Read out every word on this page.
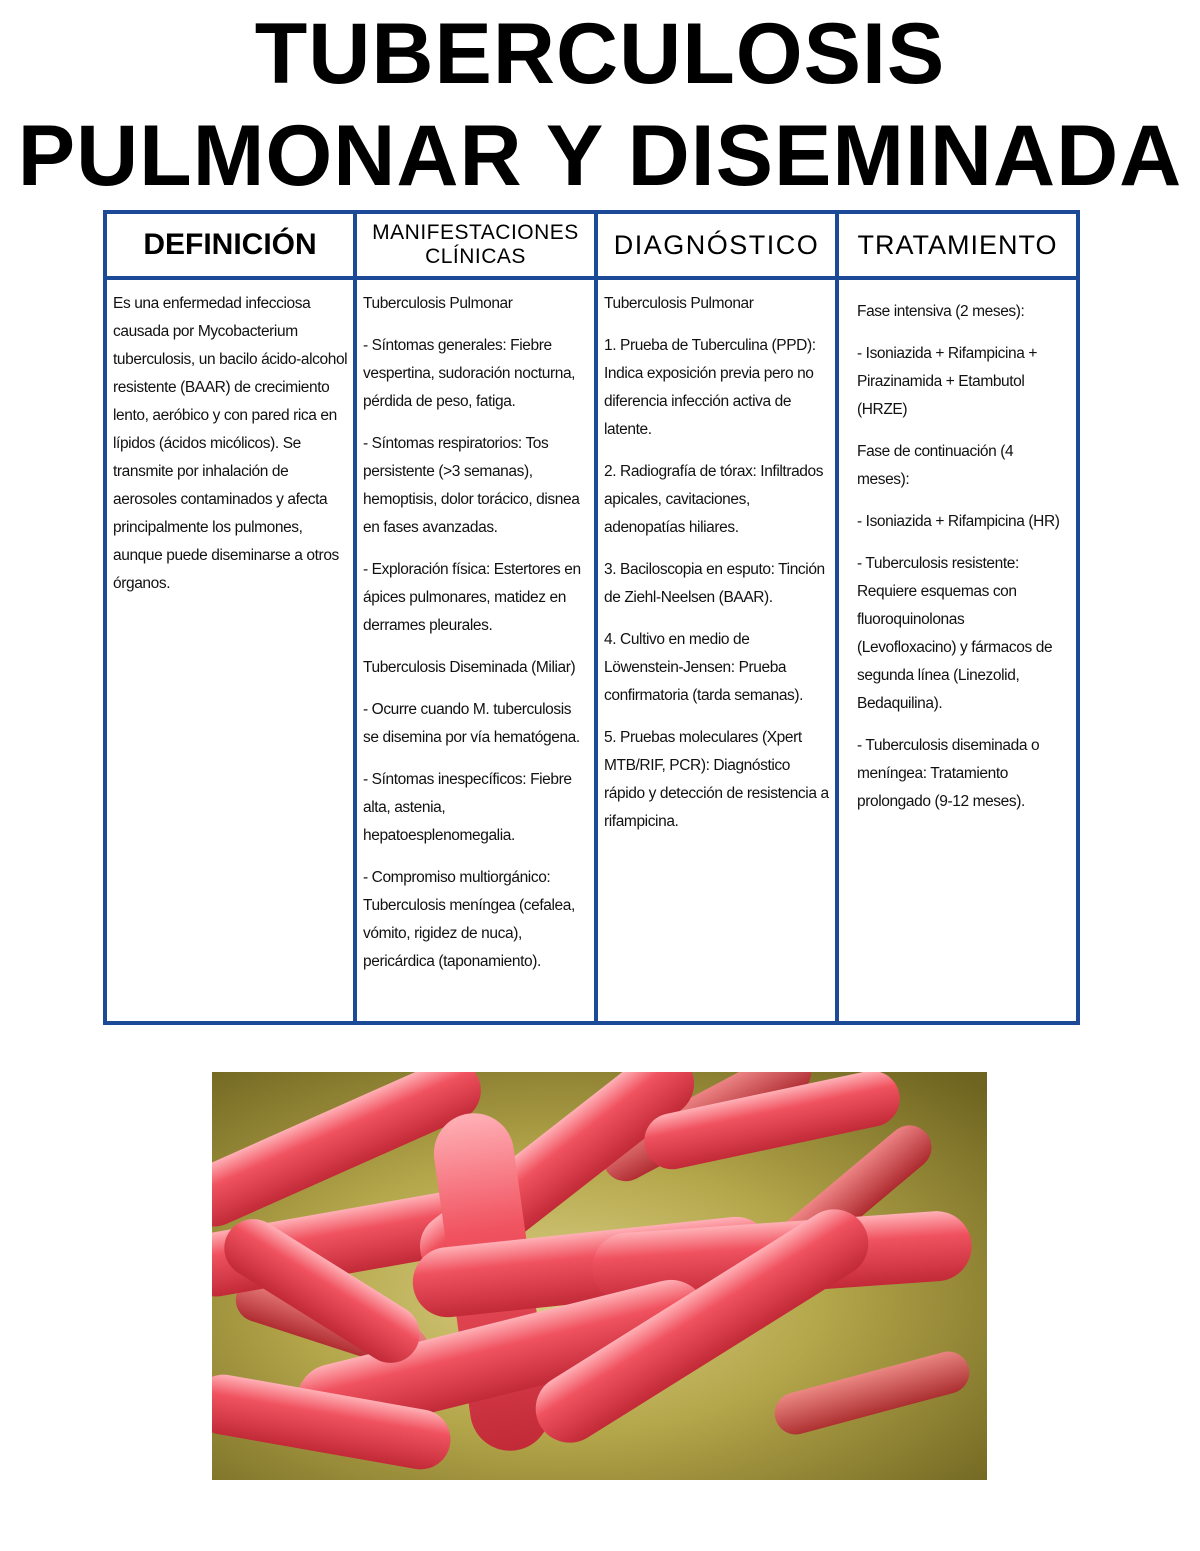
TUBERCULOSIS
PULMONAR Y DISEMINADA
DEFINICIÓN

Es una enfermedad infecciosa causada por Mycobacterium tuberculosis, un bacilo ácido-alcohol resistente (BAAR) de crecimiento lento, aeróbico y con pared rica en lípidos (ácidos micólicos). Se transmite por inhalación de aerosoles contaminados y afecta principalmente los pulmones, aunque puede diseminarse a otros órganos.

MANIFESTACIONES
CLÍNICAS

Tuberculosis Pulmonar

- Síntomas generales: Fiebre vespertina, sudoración nocturna, pérdida de peso, fatiga.

- Síntomas respiratorios: Tos persistente (>3 semanas), hemoptisis, dolor torácico, disnea en fases avanzadas.

- Exploración física: Estertores en ápices pulmonares, matidez en derrames pleurales.

Tuberculosis Diseminada (Miliar)

- Ocurre cuando M. tuberculosis se disemina por vía hematógena.

- Síntomas inespecíficos: Fiebre alta, astenia, hepatoesplenomegalia.

- Compromiso multiorgánico: Tuberculosis meníngea (cefalea, vómito, rigidez de nuca), pericárdica (taponamiento).

DIAGNÓSTICO

Tuberculosis Pulmonar

1. Prueba de Tuberculina (PPD): Indica exposición previa pero no diferencia infección activa de latente.

2. Radiografía de tórax: Infiltrados apicales, cavitaciones, adenopatías hiliares.

3. Baciloscopia en esputo: Tinción de Ziehl-Neelsen (BAAR).

4. Cultivo en medio de Löwenstein-Jensen: Prueba confirmatoria (tarda semanas).

5. Pruebas moleculares (Xpert MTB/RIF, PCR): Diagnóstico rápido y detección de resistencia a rifampicina.

TRATAMIENTO

Fase intensiva (2 meses):

- Isoniazida + Rifampicina + Pirazinamida + Etambutol (HRZE)

Fase de continuación (4 meses):

- Isoniazida + Rifampicina (HR)

- Tuberculosis resistente: Requiere esquemas con fluoroquinolonas (Levofloxacino) y fármacos de segunda línea (Linezolid, Bedaquilina).

- Tuberculosis diseminada o meníngea: Tratamiento prolongado (9-12 meses).
